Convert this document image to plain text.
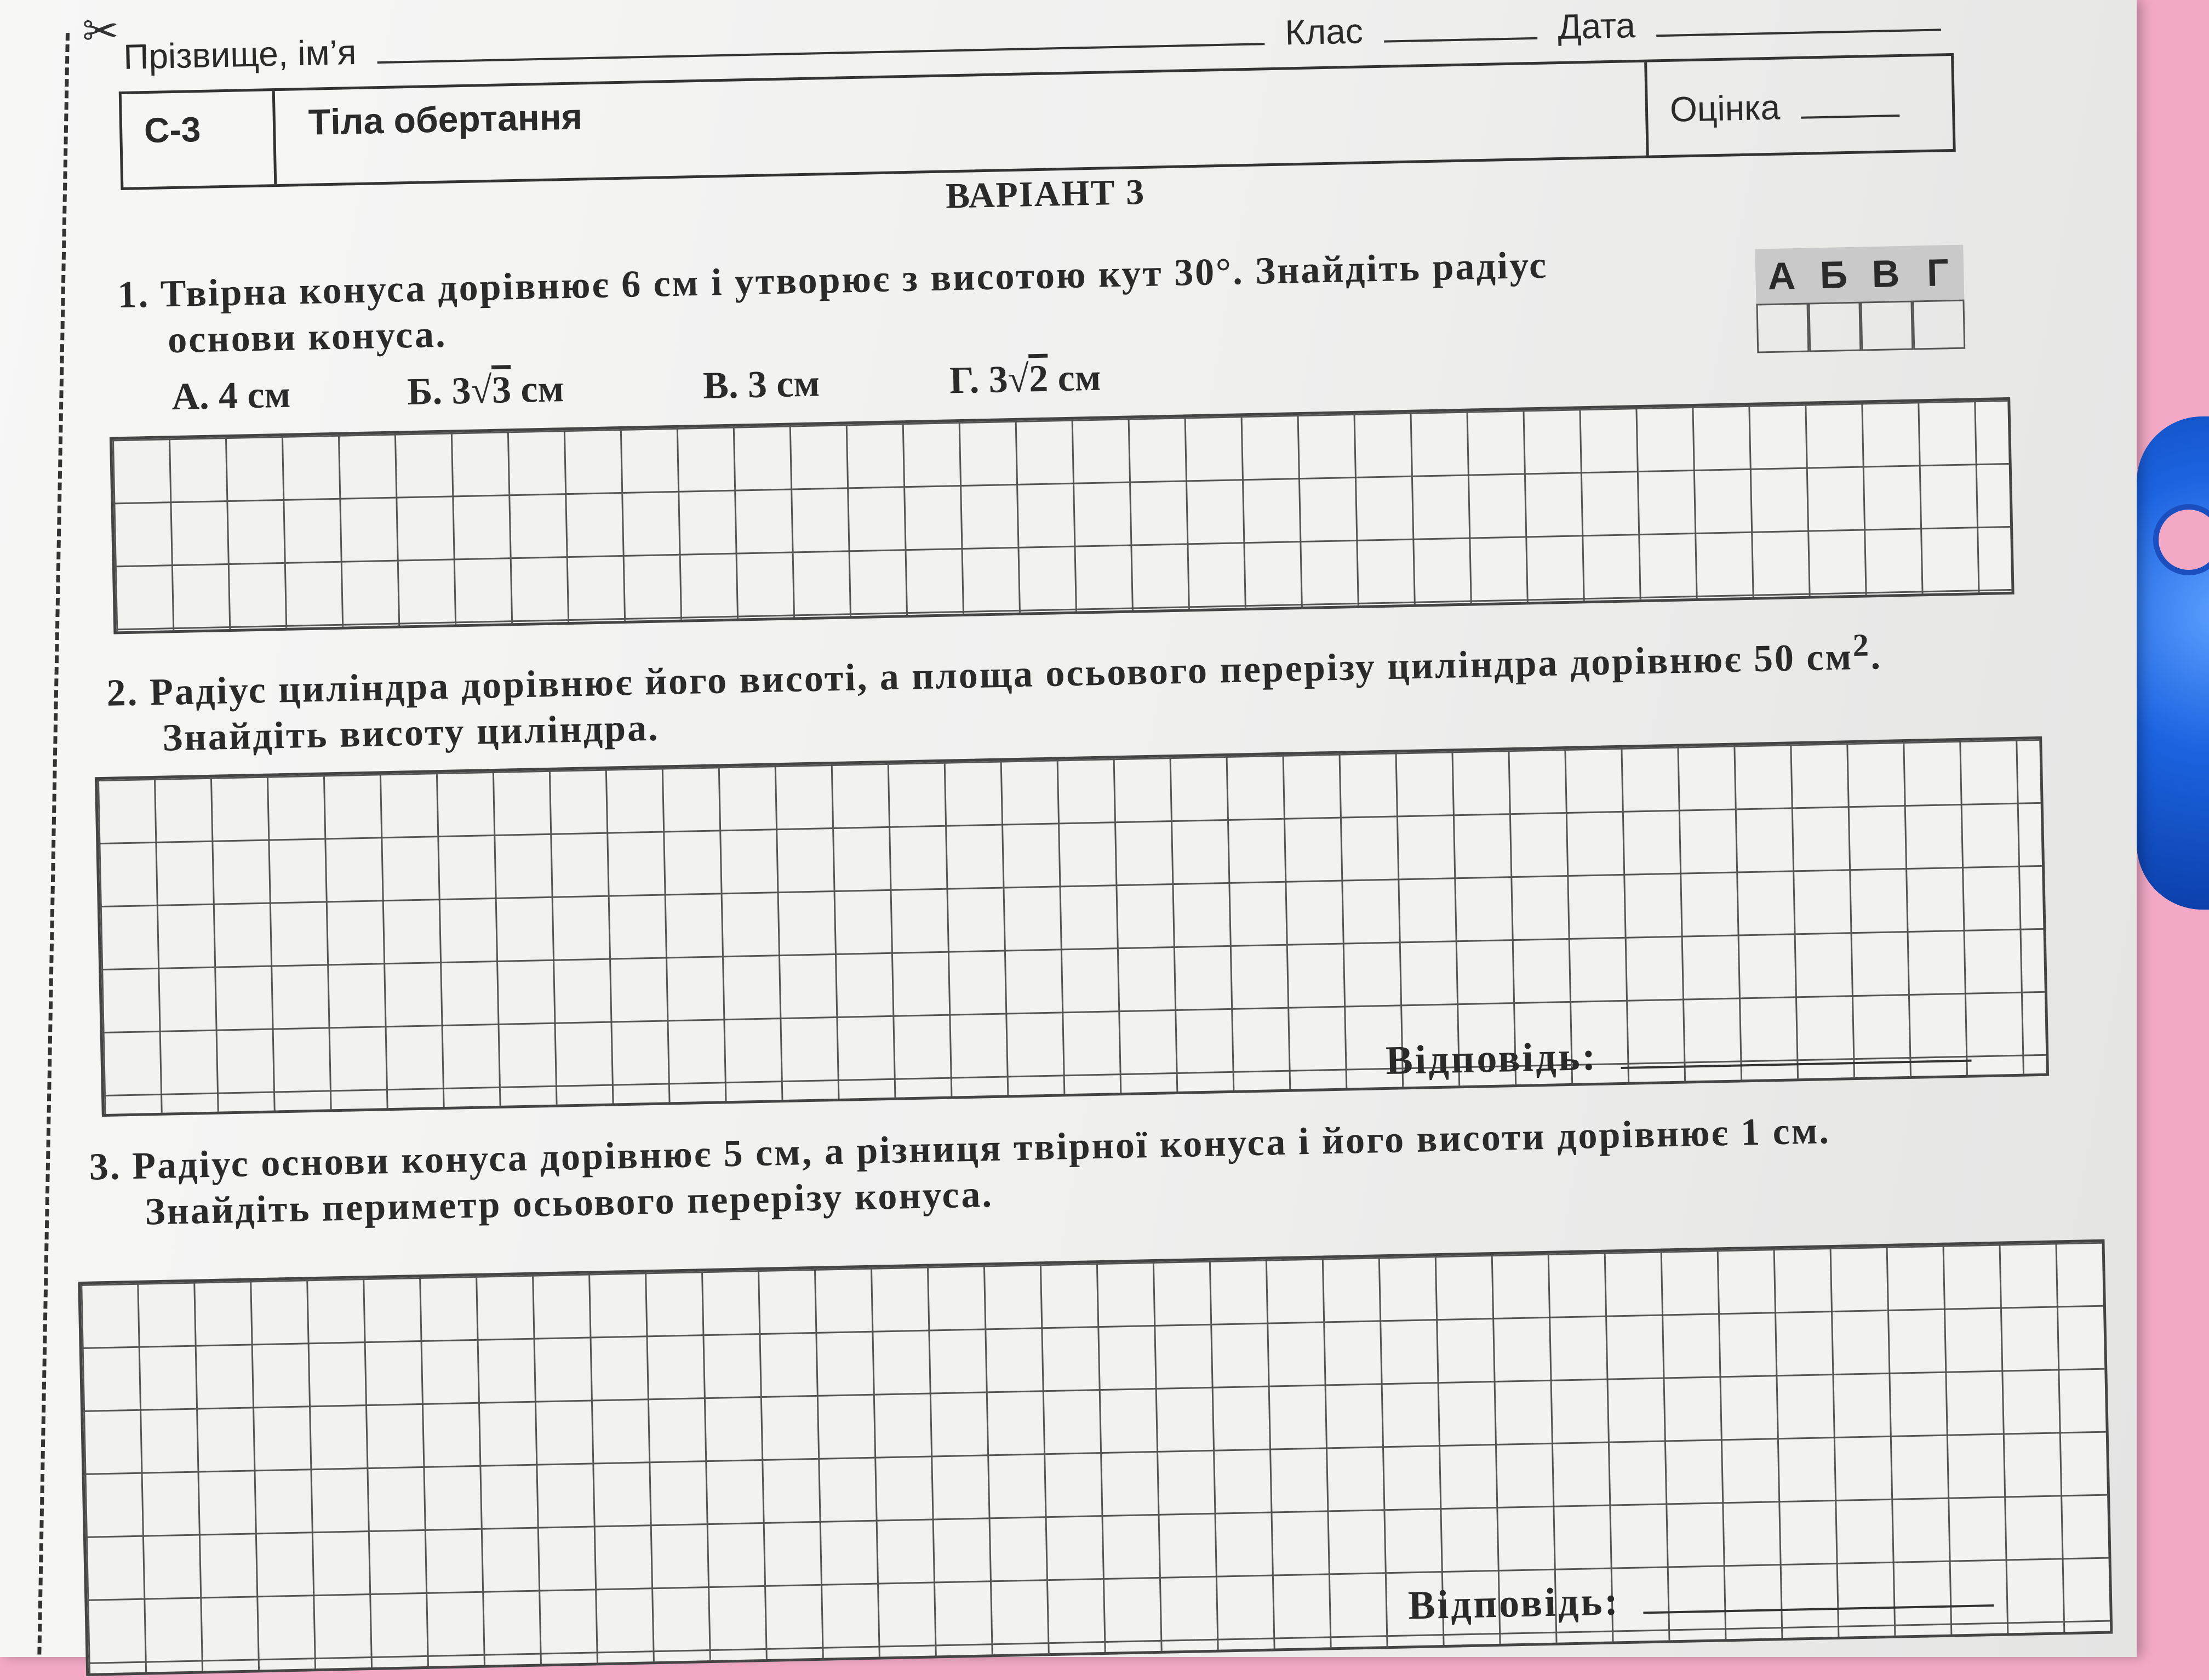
✂ Прізвище, ім’я  Клас	Дата
С-3	Тіла обертання	Оцінка
ВАРІАНТ 3
1. Твірна конуса дорівнює 6 см і утворює з висотою кут 30°. Знайдіть радіус
основи конуса.
А. 4 см	Б. 3√3 см	В. 3 см	Г. 3√2 см
А Б В Г
2. Радіус циліндра дорівнює його висоті, а площа осьового перерізу циліндра дорівнює 50 $см^2$.
Знайдіть висоту циліндра.
Відповідь:
3. Радіус основи конуса дорівнює 5 см, а різниця твірної конуса і його висоти дорівнює 1 см.
Знайдіть периметр осьового перерізу конуса.
Відповідь:
